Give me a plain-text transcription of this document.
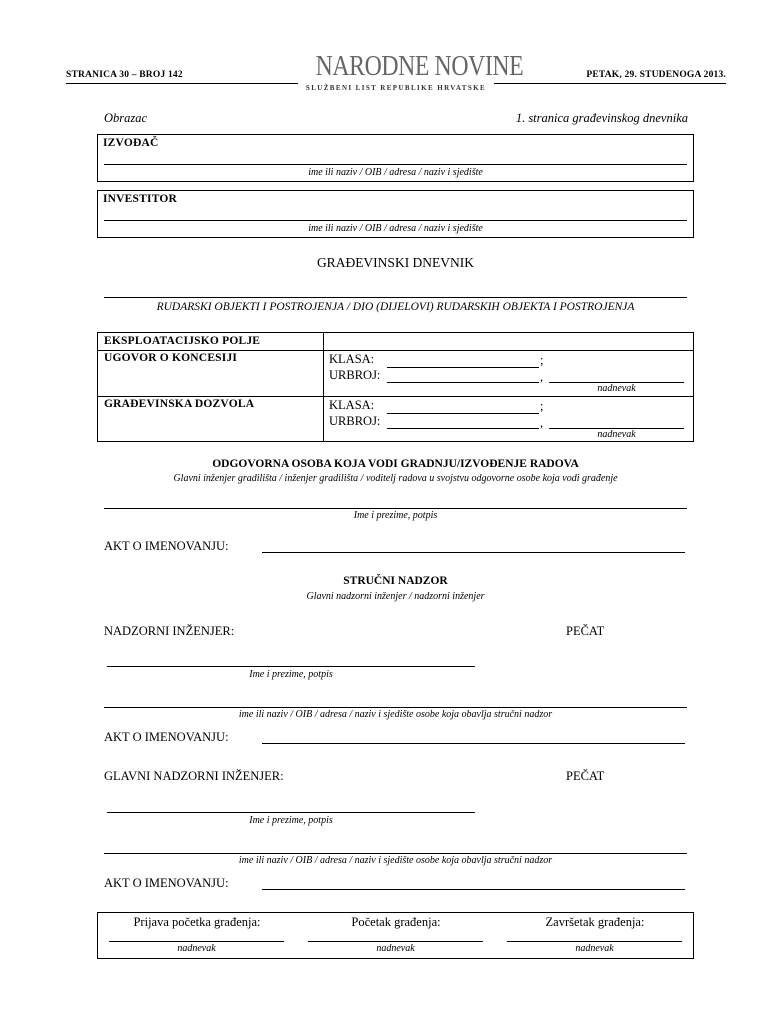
STRANICA 30 – BROJ 142	NARODNE NOVINE
SLUŽBENI LIST REPUBLIKE HRVATSKE
PETAK, 29. STUDENOGA 2013.
Obrazac	1. stranica građevinskog dnevnika
IZVOĐAČ
ime ili naziv / OIB / adresa / naziv i sjedište
INVESTITOR
ime ili naziv / OIB / adresa / naziv i sjedište
GRAĐEVINSKI DNEVNIK
RUDARSKI OBJEKTI I POSTROJENJA / DIO (DIJELOVI) RUDARSKIH OBJEKTA I POSTROJENJA
EKSPLOATACIJSKO POLJE
UGOVOR O KONCESIJI	KLASA:	;
URBROJ:	,
nadnevak
GRAĐEVINSKA DOZVOLA	KLASA:	;
URBROJ:	,
nadnevak
ODGOVORNA OSOBA KOJA VODI GRADNJU/IZVOĐENJE RADOVA
Glavni inženjer gradilišta / inženjer gradilišta / voditelj radova u svojstvu odgovorne osobe koja vodi građenje
Ime i prezime, potpis
AKT O IMENOVANJU:
STRUČNI NADZOR
Glavni nadzorni inženjer / nadzorni inženjer
NADZORNI INŽENJER:	PEČAT
Ime i prezime, potpis
ime ili naziv / OIB / adresa / naziv i sjedište osobe koja obavlja stručni nadzor
AKT O IMENOVANJU:
GLAVNI NADZORNI INŽENJER:	PEČAT
Ime i prezime, potpis
ime ili naziv / OIB / adresa / naziv i sjedište osobe koja obavlja stručni nadzor
AKT O IMENOVANJU:
Prijava početka građenja:
nadnevak
Početak građenja:
nadnevak
Završetak građenja:
nadnevak
